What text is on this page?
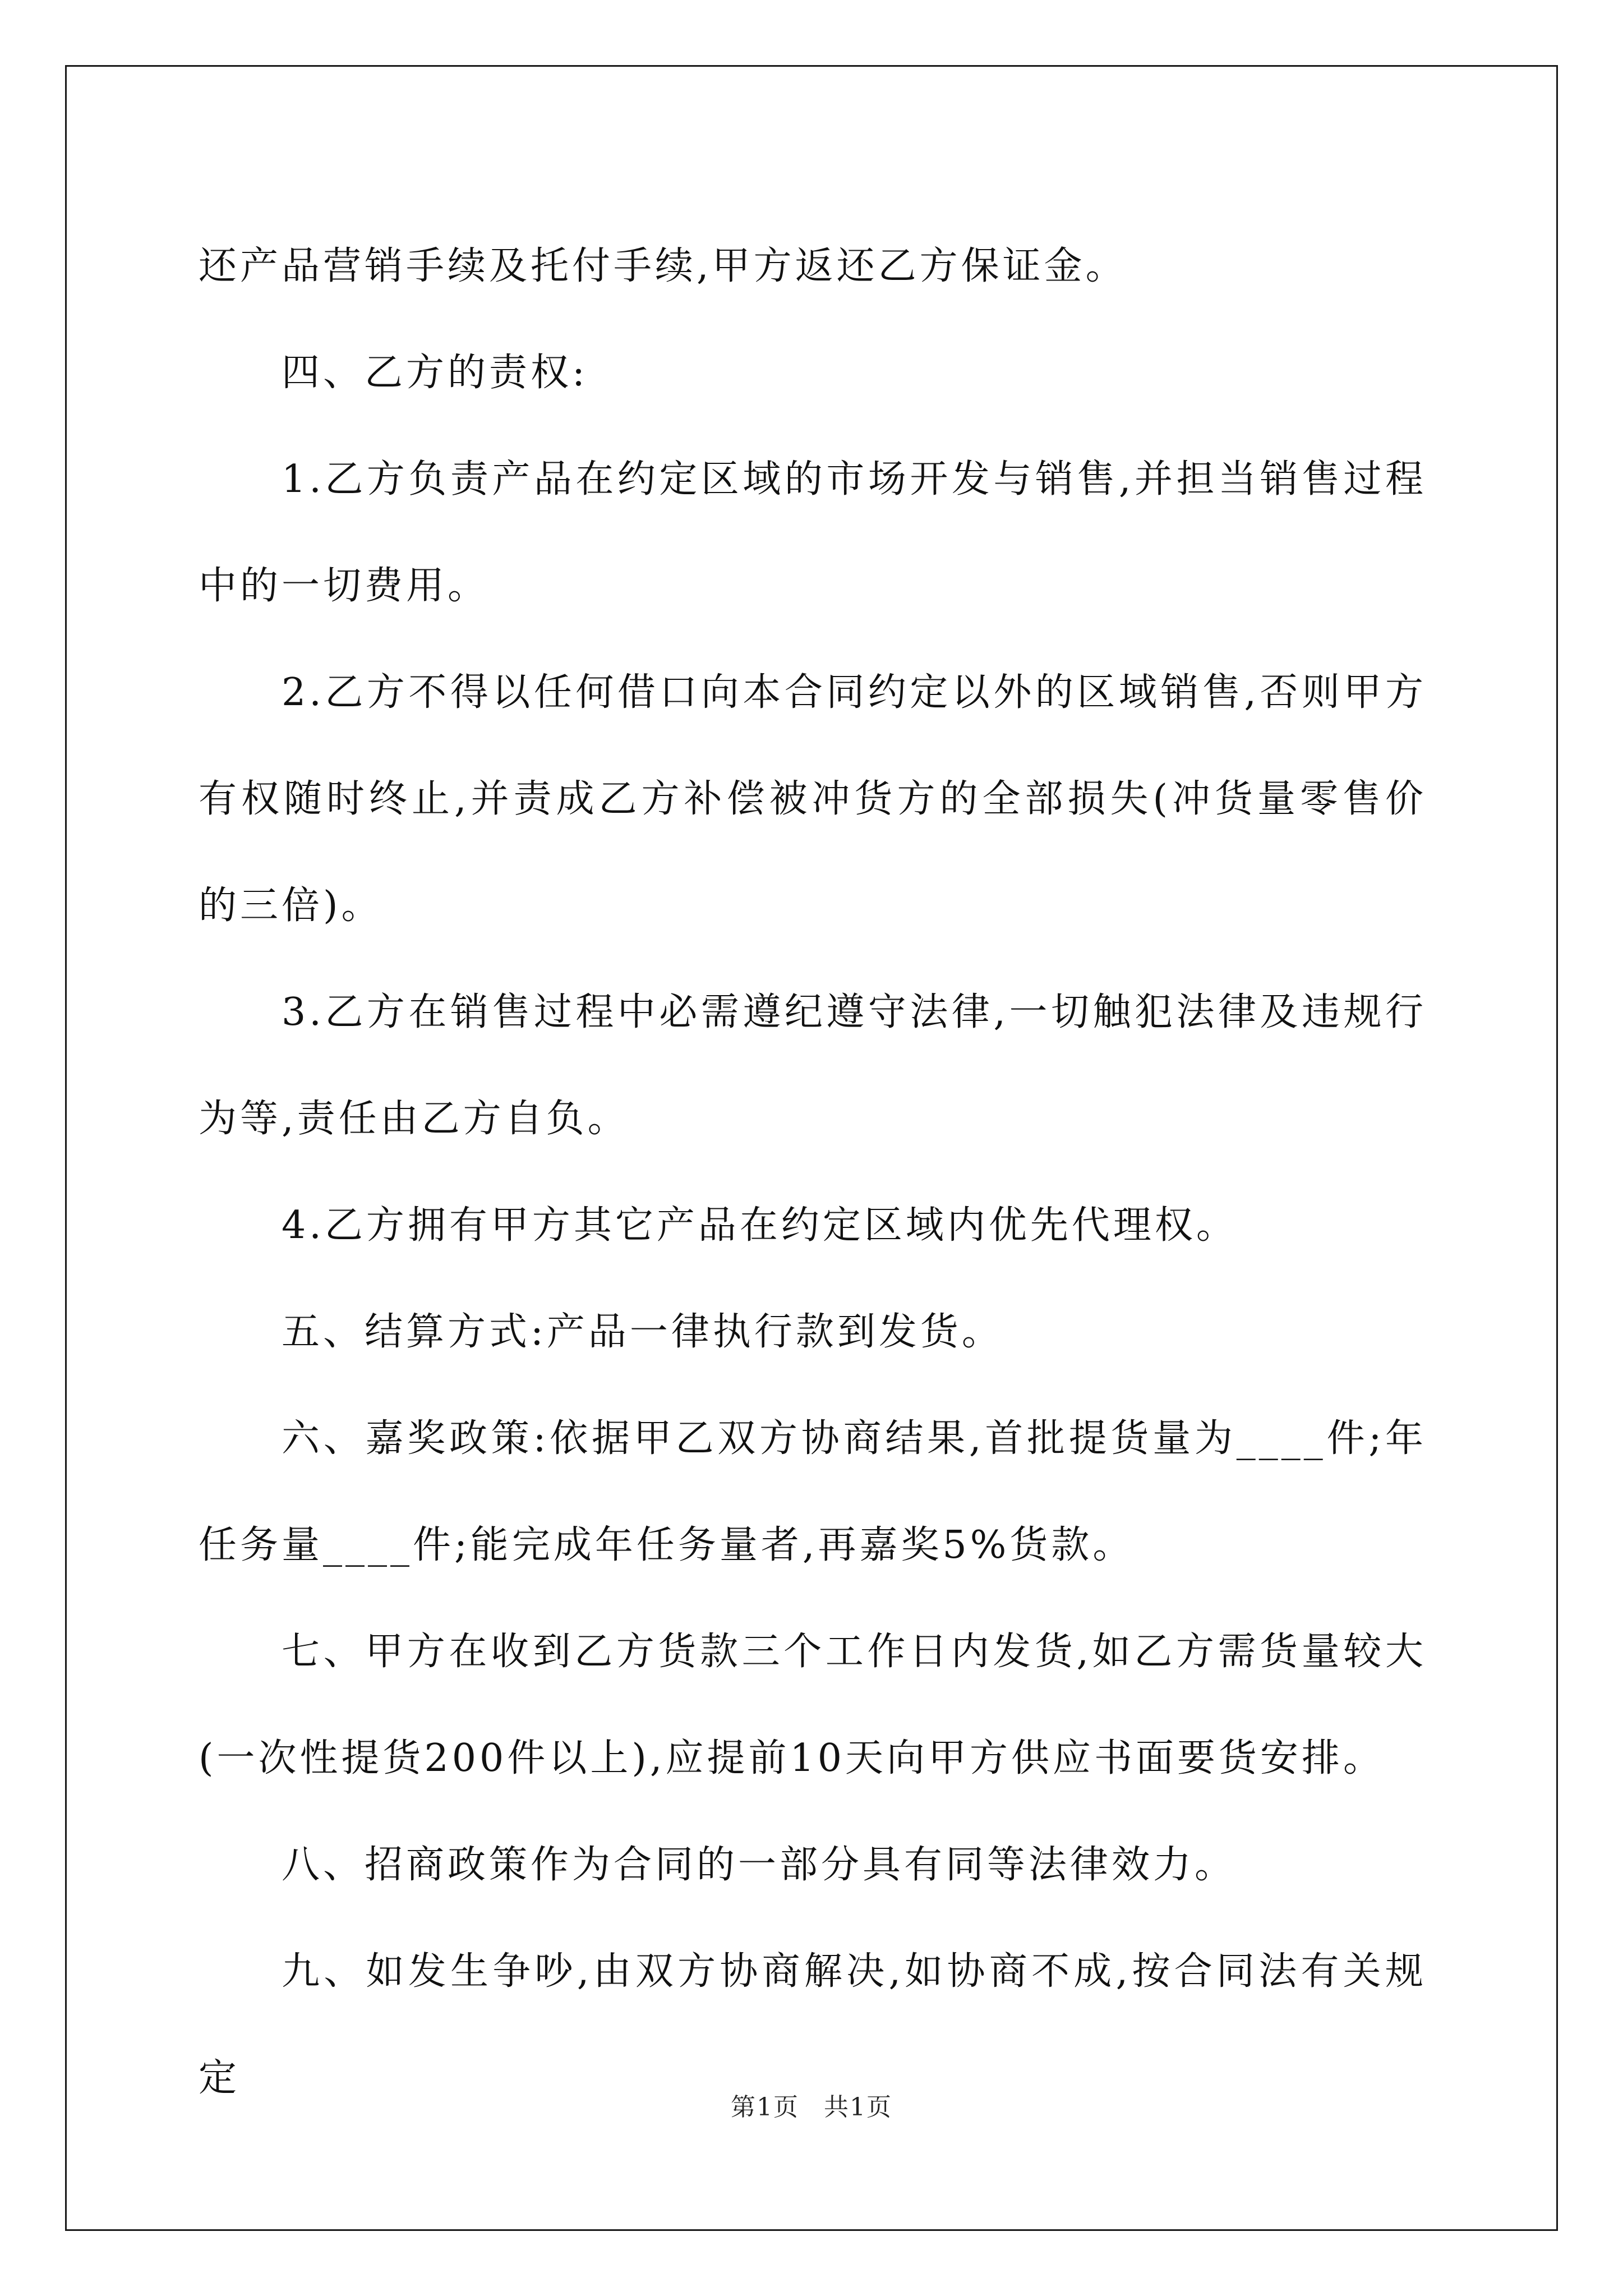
还产品营销手续及托付手续,甲方返还乙方保证金。

四、乙方的责权:

1.乙方负责产品在约定区域的市场开发与销售,并担当销售过程中的一切费用。

2.乙方不得以任何借口向本合同约定以外的区域销售,否则甲方有权随时终止,并责成乙方补偿被冲货方的全部损失(冲货量零售价的三倍)。

3.乙方在销售过程中必需遵纪遵守法律,一切触犯法律及违规行为等,责任由乙方自负。

4.乙方拥有甲方其它产品在约定区域内优先代理权。

五、结算方式:产品一律执行款到发货。

六、嘉奖政策:依据甲乙双方协商结果,首批提货量为____件;年任务量____件;能完成年任务量者,再嘉奖5%货款。

七、甲方在收到乙方货款三个工作日内发货,如乙方需货量较大(一次性提货200件以上),应提前10天向甲方供应书面要货安排。

八、招商政策作为合同的一部分具有同等法律效力。

九、如发生争吵,由双方协商解决,如协商不成,按合同法有关规定

第1页 共1页
